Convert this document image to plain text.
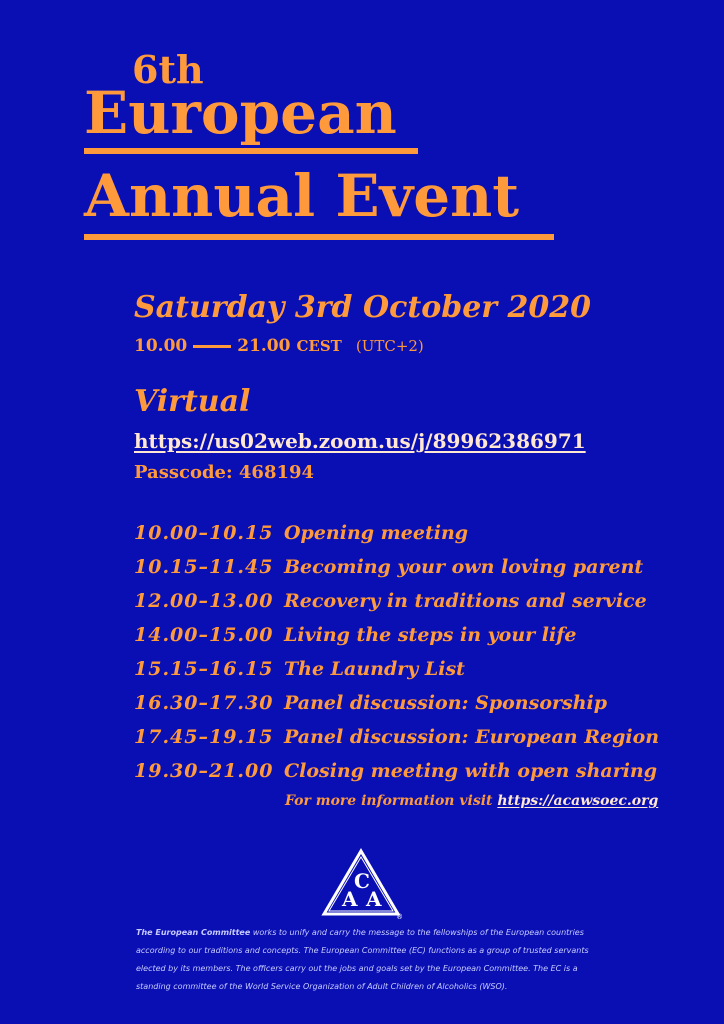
6th
European
Annual Event
Saturday 3rd October 2020
10.00	21.00 CEST (UTC+2)
Virtual
https://us02web.zoom.us/j/89962386971
Passcode: 468194
10.00–10.15 Opening meeting
10.15–11.45 Becoming your own loving parent
12.00–13.00 Recovery in traditions and service
14.00–15.00 Living the steps in your life
15.15–16.15 The Laundry List
16.30–17.30 Panel discussion: Sponsorship
17.45–19.15 Panel discussion: European Region
19.30–21.00 Closing meeting with open sharing
For more information visit https://acawsoec.org
A
C
A
®

The European Committee works to unify and carry the message to the fellowships of the European countries according to our traditions and concepts. The European Committee (EC) functions as a group of trusted servants elected by its members. The officers carry out the jobs and goals set by the European Committee. The EC is a standing committee of the World Service Organization of Adult Children of Alcoholics (WSO).
